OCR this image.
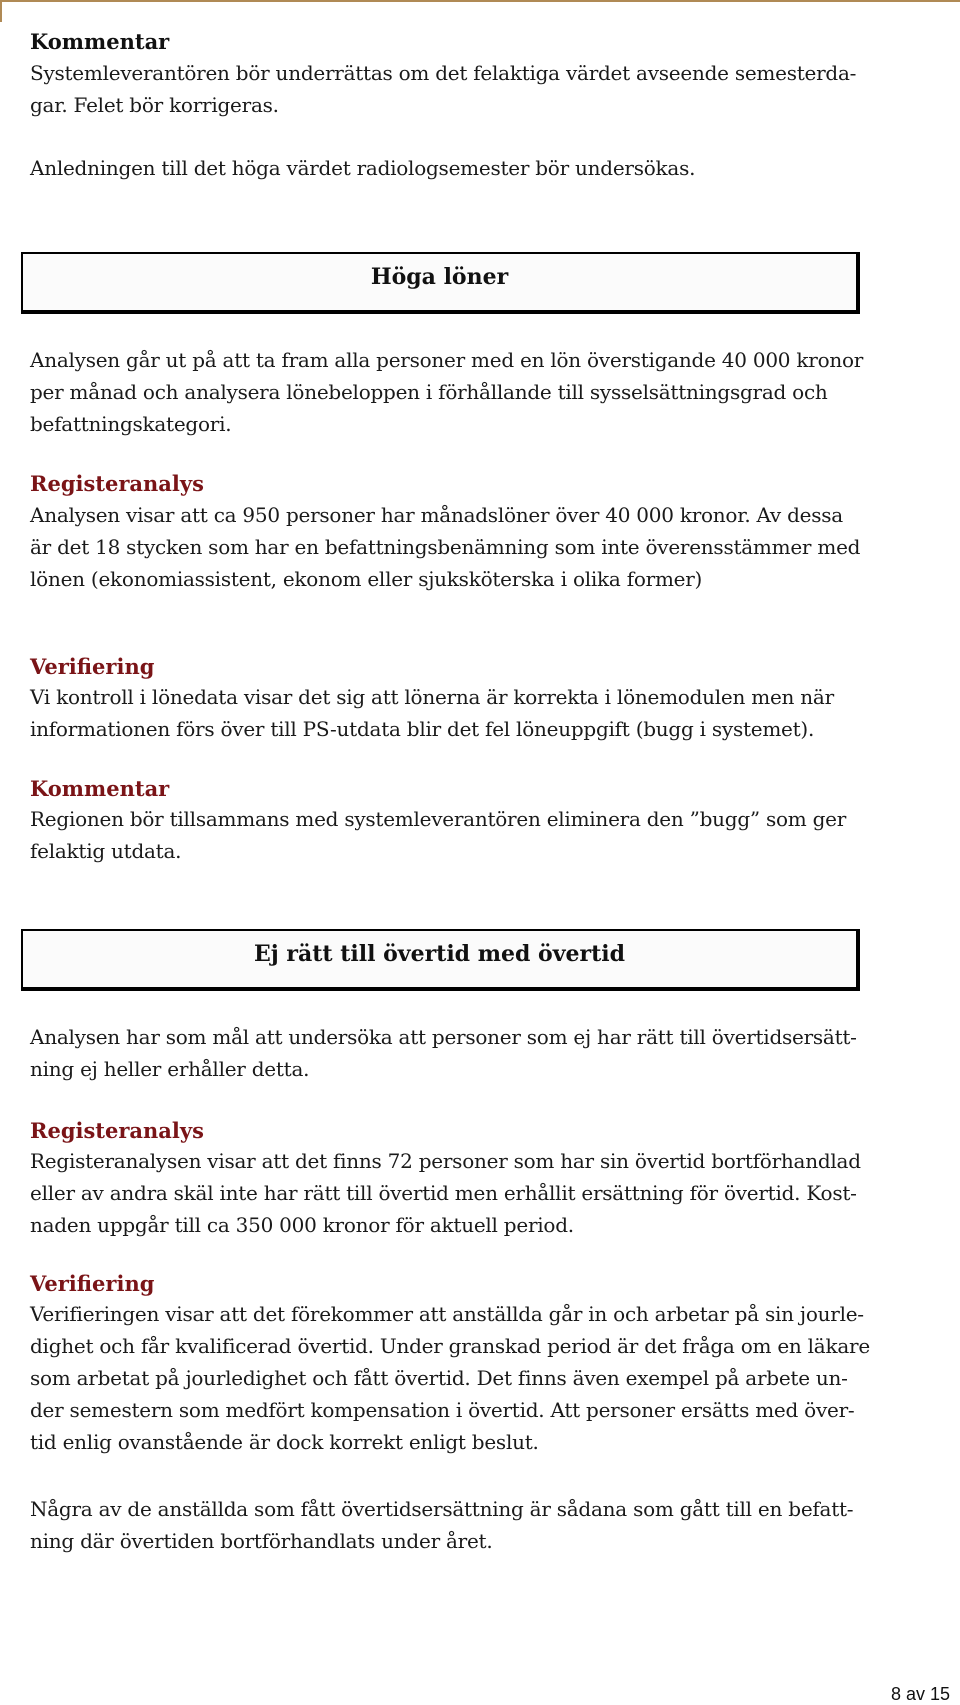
Kommentar
Systemleverantören bör underrättas om det felaktiga värdet avseende semesterda-
gar. Felet bör korrigeras.
Anledningen till det höga värdet radiologsemester bör undersökas.
Höga löner
Analysen går ut på att ta fram alla personer med en lön överstigande 40 000 kronor
per månad och analysera lönebeloppen i förhållande till sysselsättningsgrad och
befattningskategori.
Registeranalys
Analysen visar att ca 950 personer har månadslöner över 40 000 kronor. Av dessa
är det 18 stycken som har en befattningsbenämning som inte överensstämmer med
lönen (ekonomiassistent, ekonom eller sjuksköterska i olika former)
Verifiering
Vi kontroll i lönedata visar det sig att lönerna är korrekta i lönemodulen men när
informationen förs över till PS-utdata blir det fel löneuppgift (bugg i systemet).
Kommentar
Regionen bör tillsammans med systemleverantören eliminera den ”bugg” som ger
felaktig utdata.
Ej rätt till övertid med övertid
Analysen har som mål att undersöka att personer som ej har rätt till övertidsersätt-
ning ej heller erhåller detta.
Registeranalys
Registeranalysen visar att det finns 72 personer som har sin övertid bortförhandlad
eller av andra skäl inte har rätt till övertid men erhållit ersättning för övertid. Kost-
naden uppgår till ca 350 000 kronor för aktuell period.
Verifiering
Verifieringen visar att det förekommer att anställda går in och arbetar på sin jourle-
dighet och får kvalificerad övertid. Under granskad period är det fråga om en läkare
som arbetat på jourledighet och fått övertid. Det finns även exempel på arbete un-
der semestern som medfört kompensation i övertid. Att personer ersätts med över-
tid enlig ovanstående är dock korrekt enligt beslut.
Några av de anställda som fått övertidsersättning är sådana som gått till en befatt-
ning där övertiden bortförhandlats under året.
8 av 15
